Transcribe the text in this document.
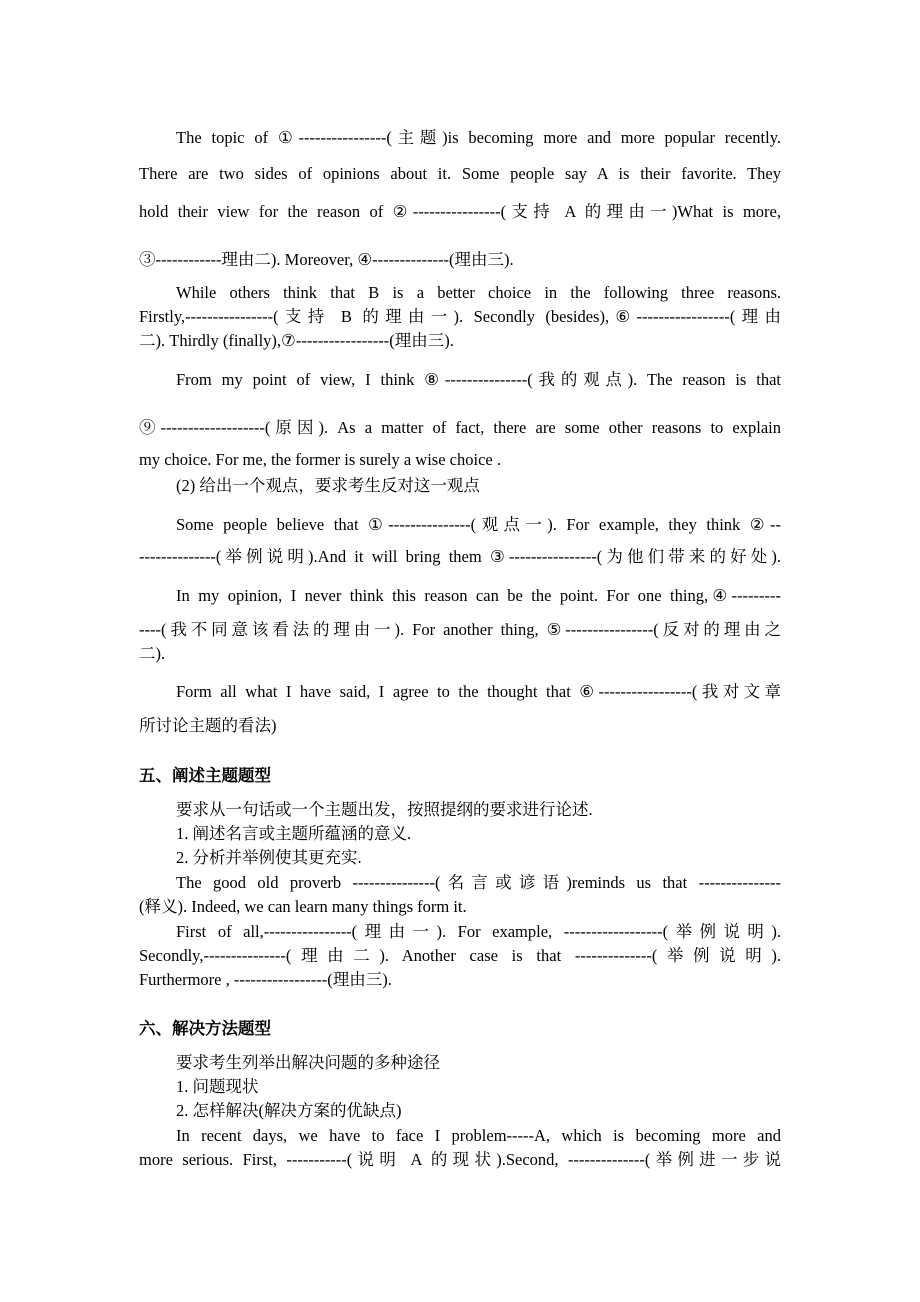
The topic of ①----------------(主题)is becoming more and more popular recently.
There are two sides of opinions about it. Some people say A is their favorite. They
hold their view for the reason of ②----------------(支持 A 的理由一)What is more,
③------------理由二). Moreover, ④--------------(理由三).
While others think that B is a better choice in the following three reasons.
Firstly,----------------(支持 B 的理由一). Secondly (besides),⑥-----------------(理由
二). Thirdly (finally),⑦-----------------(理由三).
From my point of view, I think ⑧---------------(我的观点). The reason is that
⑨-------------------(原因). As a matter of fact, there are some other reasons to explain
my choice. For me, the former is surely a wise choice .
(2) 给出一个观点，要求考生反对这一观点
Some people believe that ①---------------(观点一). For example, they think ②--
--------------(举例说明).And it will bring them ③----------------(为他们带来的好处).
In my opinion, I never think this reason can be the point. For one thing,④---------
----(我不同意该看法的理由一). For another thing, ⑤----------------(反对的理由之
二).
Form all what I have said, I agree to the thought that ⑥-----------------(我对文章
所讨论主题的看法)
五、阐述主题题型
要求从一句话或一个主题出发，按照提纲的要求进行论述.
1. 阐述名言或主题所蕴涵的意义.
2. 分析并举例使其更充实.
The good old proverb ---------------(名言或谚语)reminds us that ---------------
(释义). Indeed, we can learn many things form it.
First of all,----------------(理由一). For example, ------------------(举例说明).
Secondly,---------------(理由二). Another case is that --------------(举例说明).
Furthermore , -----------------(理由三).
六、解决方法题型
要求考生列举出解决问题的多种途径
1. 问题现状
2. 怎样解决(解决方案的优缺点)
In recent days, we have to face I problem-----A, which is becoming more and
more serious. First, -----------(说明 A 的现状).Second, --------------(举例进一步说
